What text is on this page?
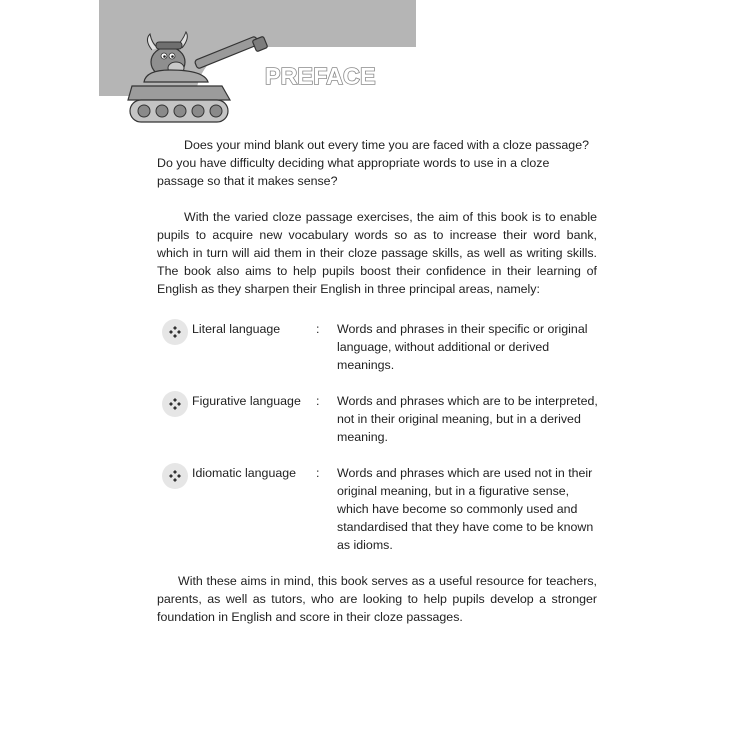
PREFACE

Does your mind blank out every time you are faced with a cloze passage? Do you have difficulty deciding what appropriate words to use in a cloze passage so that it makes sense?

With the varied cloze passage exercises, the aim of this book is to enable pupils to acquire new vocabulary words so as to increase their word bank, which in turn will aid them in their cloze passage skills, as well as writing skills. The book also aims to help pupils boost their confidence in their learning of English as they sharpen their English in three principal areas, namely:

Literal language	: Words and phrases in their specific or original language, without additional or derived meanings.
Figurative language	: Words and phrases which are to be interpreted, not in their original meaning, but in a derived meaning.
Idiomatic language	: Words and phrases which are used not in their original meaning, but in a figurative sense, which have become so commonly used and standardised that they have come to be known as idioms.

With these aims in mind, this book serves as a useful resource for teachers, parents, as well as tutors, who are looking to help pupils develop a stronger foundation in English and score in their cloze passages.
